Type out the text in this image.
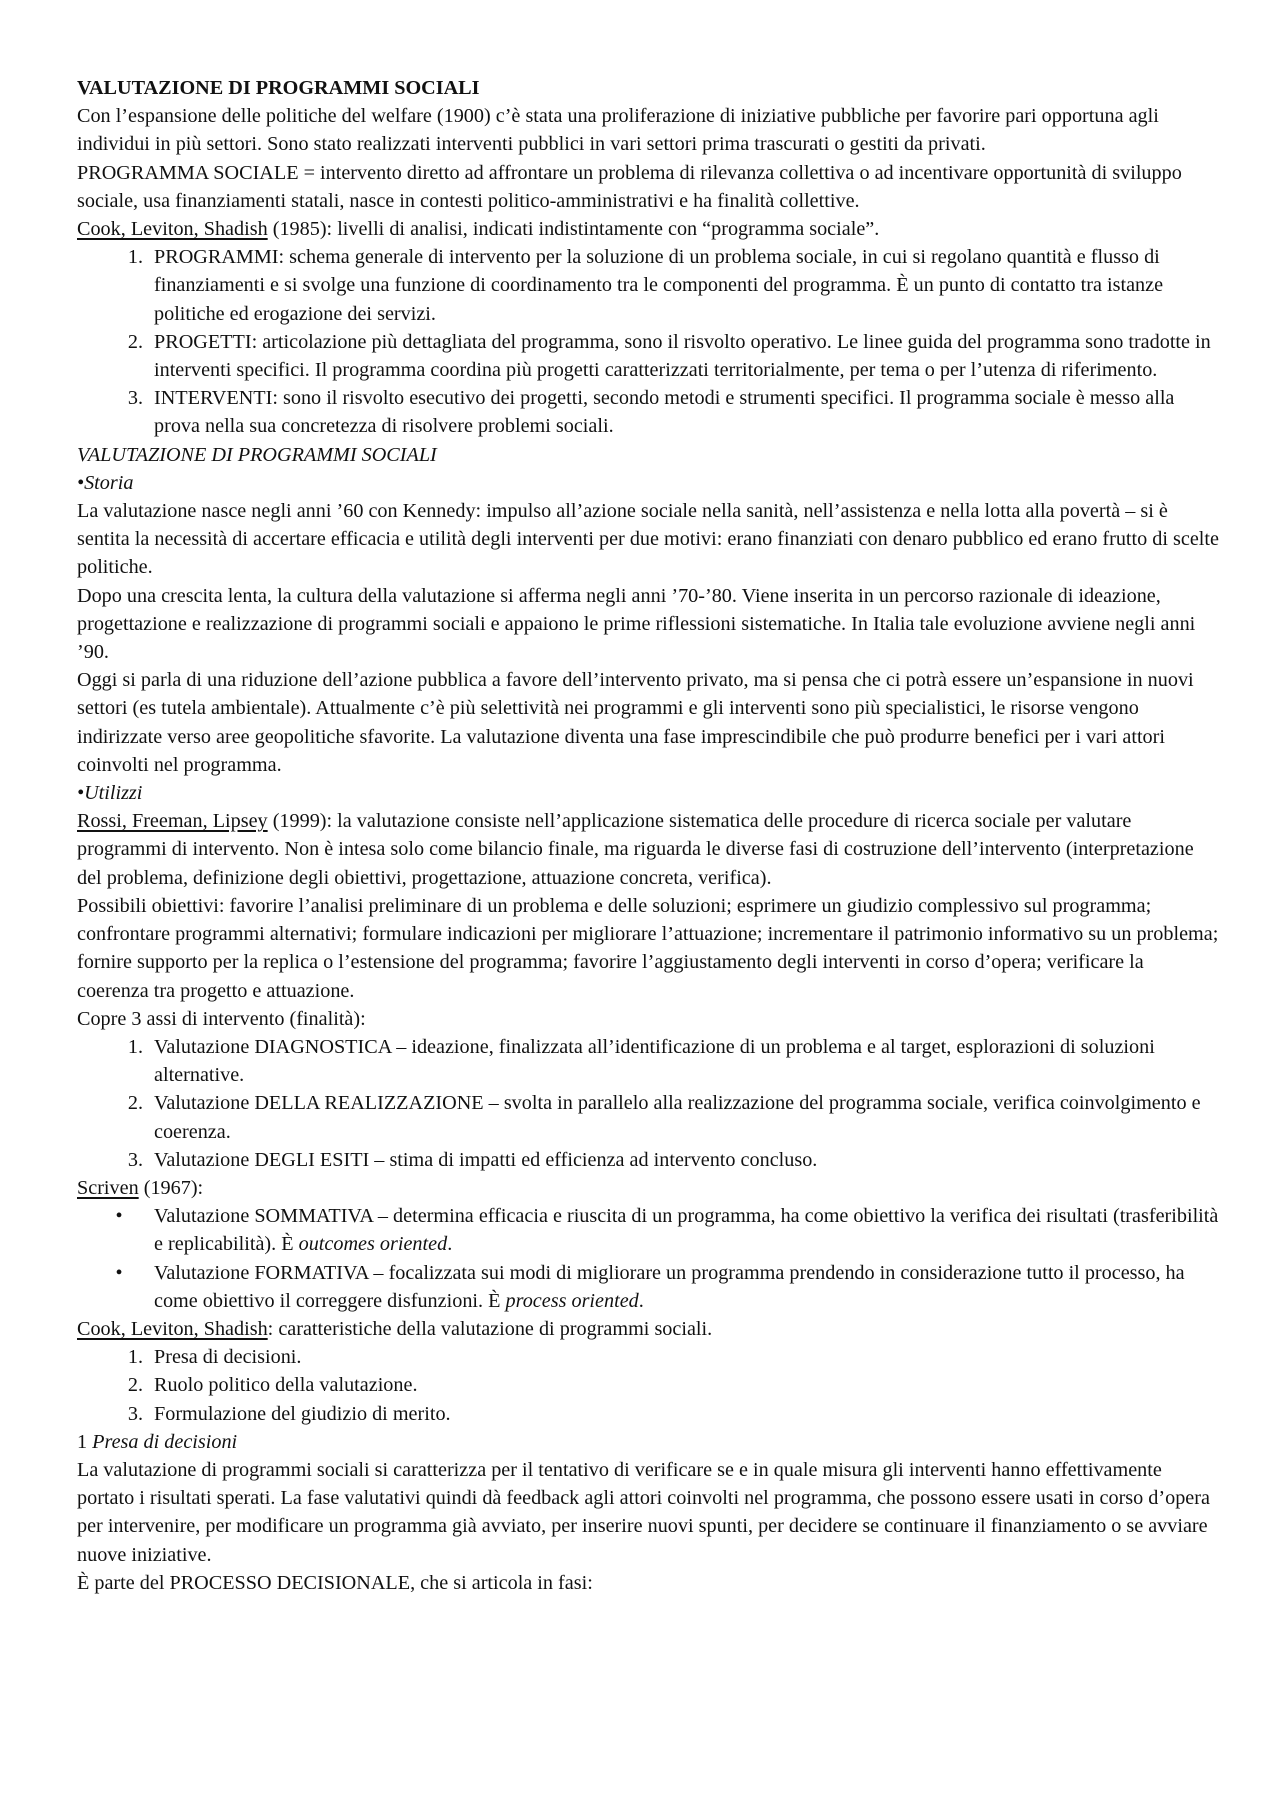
VALUTAZIONE DI PROGRAMMI SOCIALI

Con l’espansione delle politiche del welfare (1900) c’è stata una proliferazione di iniziative pubbliche per favorire pari opportuna agli individui in più settori. Sono stato realizzati interventi pubblici in vari settori prima trascurati o gestiti da privati.

PROGRAMMA SOCIALE = intervento diretto ad affrontare un problema di rilevanza collettiva o ad incentivare opportunità di sviluppo sociale, usa finanziamenti statali, nasce in contesti politico-amministrativi e ha finalità collettive.

Cook, Leviton, Shadish (1985): livelli di analisi, indicati indistintamente con “programma sociale”.

1. PROGRAMMI: schema generale di intervento per la soluzione di un problema sociale, in cui si regolano quantità e flusso di finanziamenti e si svolge una funzione di coordinamento tra le componenti del programma. È un punto di contatto tra istanze politiche ed erogazione dei servizi.
2. PROGETTI: articolazione più dettagliata del programma, sono il risvolto operativo. Le linee guida del programma sono tradotte in interventi specifici. Il programma coordina più progetti caratterizzati territorialmente, per tema o per l’utenza di riferimento.
3. INTERVENTI: sono il risvolto esecutivo dei progetti, secondo metodi e strumenti specifici. Il programma sociale è messo alla prova nella sua concretezza di risolvere problemi sociali.

VALUTAZIONE DI PROGRAMMI SOCIALI

•Storia

La valutazione nasce negli anni ’60 con Kennedy: impulso all’azione sociale nella sanità, nell’assistenza e nella lotta alla povertà – si è sentita la necessità di accertare efficacia e utilità degli interventi per due motivi: erano finanziati con denaro pubblico ed erano frutto di scelte politiche.

Dopo una crescita lenta, la cultura della valutazione si afferma negli anni ’70-’80. Viene inserita in un percorso razionale di ideazione, progettazione e realizzazione di programmi sociali e appaiono le prime riflessioni sistematiche. In Italia tale evoluzione avviene negli anni ’90.

Oggi si parla di una riduzione dell’azione pubblica a favore dell’intervento privato, ma si pensa che ci potrà essere un’espansione in nuovi settori (es tutela ambientale). Attualmente c’è più selettività nei programmi e gli interventi sono più specialistici, le risorse vengono indirizzate verso aree geopolitiche sfavorite. La valutazione diventa una fase imprescindibile che può produrre benefici per i vari attori coinvolti nel programma.

•Utilizzi

Rossi, Freeman, Lipsey (1999): la valutazione consiste nell’applicazione sistematica delle procedure di ricerca sociale per valutare programmi di intervento. Non è intesa solo come bilancio finale, ma riguarda le diverse fasi di costruzione dell’intervento (interpretazione del problema, definizione degli obiettivi, progettazione, attuazione concreta, verifica).

Possibili obiettivi: favorire l’analisi preliminare di un problema e delle soluzioni; esprimere un giudizio complessivo sul programma; confrontare programmi alternativi; formulare indicazioni per migliorare l’attuazione; incrementare il patrimonio informativo su un problema; fornire supporto per la replica o l’estensione del programma; favorire l’aggiustamento degli interventi in corso d’opera; verificare la coerenza tra progetto e attuazione.

Copre 3 assi di intervento (finalità):

1. Valutazione DIAGNOSTICA – ideazione, finalizzata all’identificazione di un problema e al target, esplorazioni di soluzioni alternative.
2. Valutazione DELLA REALIZZAZIONE – svolta in parallelo alla realizzazione del programma sociale, verifica coinvolgimento e coerenza.
3. Valutazione DEGLI ESITI – stima di impatti ed efficienza ad intervento concluso.

Scriven (1967):

• Valutazione SOMMATIVA – determina efficacia e riuscita di un programma, ha come obiettivo la verifica dei risultati (trasferibilità e replicabilità). È outcomes oriented.
• Valutazione FORMATIVA – focalizzata sui modi di migliorare un programma prendendo in considerazione tutto il processo, ha come obiettivo il correggere disfunzioni. È process oriented.

Cook, Leviton, Shadish: caratteristiche della valutazione di programmi sociali.

1. Presa di decisioni.
2. Ruolo politico della valutazione.
3. Formulazione del giudizio di merito.

1 Presa di decisioni

La valutazione di programmi sociali si caratterizza per il tentativo di verificare se e in quale misura gli interventi hanno effettivamente portato i risultati sperati. La fase valutativi quindi dà feedback agli attori coinvolti nel programma, che possono essere usati in corso d’opera per intervenire, per modificare un programma già avviato, per inserire nuovi spunti, per decidere se continuare il finanziamento o se avviare nuove iniziative.

È parte del PROCESSO DECISIONALE, che si articola in fasi:
